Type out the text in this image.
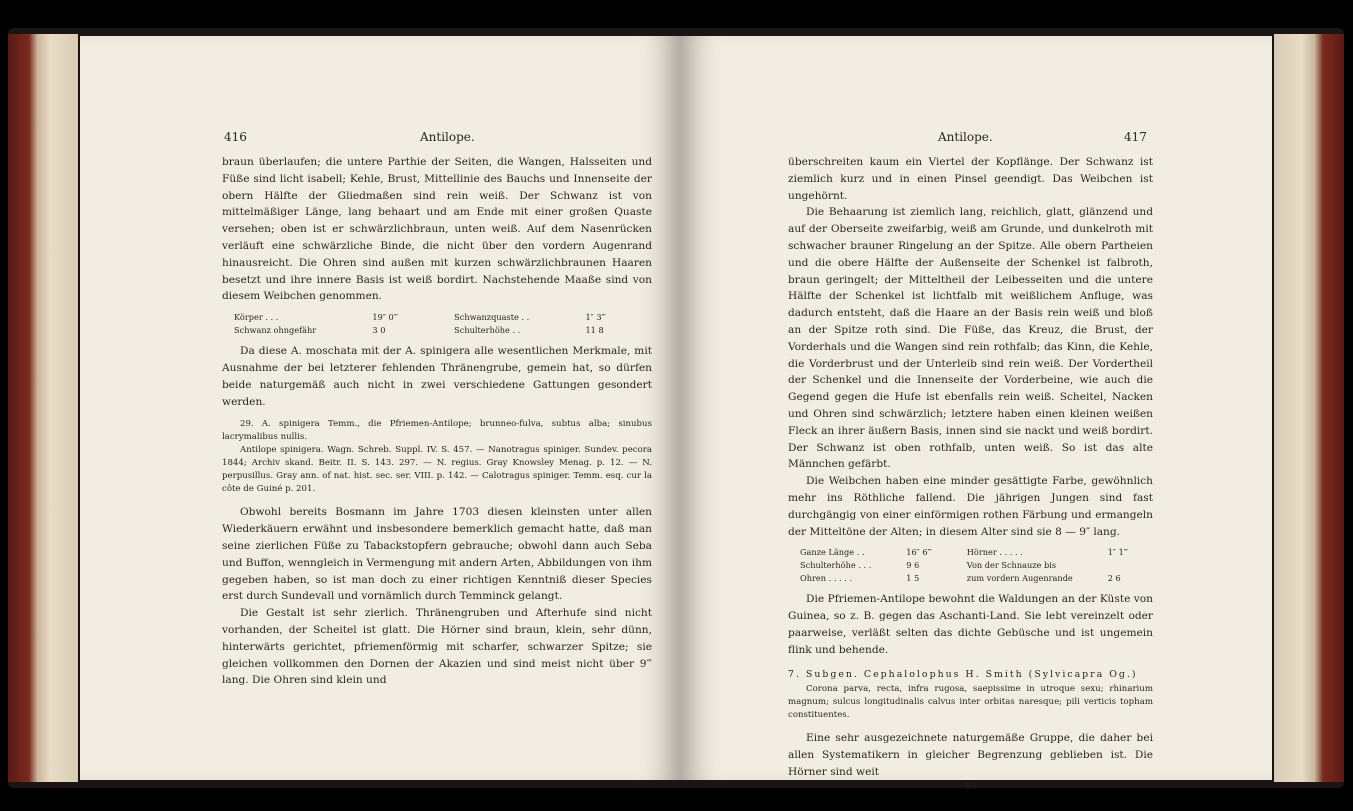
416	Antilope.

braun überlaufen; die untere Parthie der Seiten, die Wangen, Halsseiten und Füße sind licht isabell; Kehle, Brust, Mittellinie des Bauchs und Innenseite der obern Hälfte der Gliedmaßen sind rein weiß. Der Schwanz ist von mittelmäßiger Länge, lang behaart und am Ende mit einer großen Quaste versehen; oben ist er schwärzlichbraun, unten weiß. Auf dem Nasenrücken verläuft eine schwärzliche Binde, die nicht über den vordern Augenrand hinausreicht. Die Ohren sind außen mit kurzen schwärzlichbraunen Haaren besetzt und ihre innere Basis ist weiß bordirt. Nachstehende Maaße sind von diesem Weibchen genommen.

Körper . . .	19″ 0‴	Schwanzquaste . .	1″ 3‴
Schwanz ohngefähr	3 0	Schulterhöhe . .	11 8

Da diese A. moschata mit der A. spinigera alle wesentlichen Merkmale, mit Ausnahme der bei letzterer fehlenden Thränengrube, gemein hat, so dürfen beide naturgemäß auch nicht in zwei verschiedene Gattungen gesondert werden.

29. A. spinigera Temm., die Pfriemen-Antilope; brunneo-fulva, subtus alba; sinubus lacrymalibus nullis.

Antilope spinigera. Wagn. Schreb. Suppl. IV. S. 457. — Nanotragus spiniger. Sundev. pecora 1844; Archiv skand. Beitr. II. S. 143. 297. — N. regius. Gray Knowsley Menag. p. 12. — N. perpusillus. Gray ann. of nat. hist. sec. ser. VIII. p. 142. — Calotragus spiniger. Temm. esq. cur la côte de Guiné p. 201.

Obwohl bereits Bosmann im Jahre 1703 diesen kleinsten unter allen Wiederkäuern erwähnt und insbesondere bemerklich gemacht hatte, daß man seine zierlichen Füße zu Tabackstopfern gebrauche; obwohl dann auch Seba und Buffon, wenngleich in Vermengung mit andern Arten, Abbildungen von ihm gegeben haben, so ist man doch zu einer richtigen Kenntniß dieser Species erst durch Sundevall und vornämlich durch Temminck gelangt.

Die Gestalt ist sehr zierlich. Thränengruben und Afterhufe sind nicht vorhanden, der Scheitel ist glatt. Die Hörner sind braun, klein, sehr dünn, hinterwärts gerichtet, pfriemenförmig mit scharfer, schwarzer Spitze; sie gleichen vollkommen den Dornen der Akazien und sind meist nicht über 9‴ lang. Die Ohren sind klein und

Antilope.	417

überschreiten kaum ein Viertel der Kopflänge. Der Schwanz ist ziemlich kurz und in einen Pinsel geendigt. Das Weibchen ist ungehörnt.

Die Behaarung ist ziemlich lang, reichlich, glatt, glänzend und auf der Oberseite zweifarbig, weiß am Grunde, und dunkelroth mit schwacher brauner Ringelung an der Spitze. Alle obern Partheien und die obere Hälfte der Außenseite der Schenkel ist falbroth, braun geringelt; der Mitteltheil der Leibesseiten und die untere Hälfte der Schenkel ist lichtfalb mit weißlichem Anfluge, was dadurch entsteht, daß die Haare an der Basis rein weiß und bloß an der Spitze roth sind. Die Füße, das Kreuz, die Brust, der Vorderhals und die Wangen sind rein rothfalb; das Kinn, die Kehle, die Vorderbrust und der Unterleib sind rein weiß. Der Vordertheil der Schenkel und die Innenseite der Vorderbeine, wie auch die Gegend gegen die Hufe ist ebenfalls rein weiß. Scheitel, Nacken und Ohren sind schwärzlich; letztere haben einen kleinen weißen Fleck an ihrer äußern Basis, innen sind sie nackt und weiß bordirt. Der Schwanz ist oben rothfalb, unten weiß. So ist das alte Männchen gefärbt.

Die Weibchen haben eine minder gesättigte Farbe, gewöhnlich mehr ins Röthliche fallend. Die jährigen Jungen sind fast durchgängig von einer einförmigen rothen Färbung und ermangeln der Mitteltöne der Alten; in diesem Alter sind sie 8 — 9″ lang.

Ganze Länge . .	16″ 6‴	Hörner . . . . .	1″ 1‴
Schulterhöhe . . .	9 6	Von der Schnauze bis
Ohren . . . . .	1 5	zum vordern Augenrande	2 6

Die Pfriemen-Antilope bewohnt die Waldungen an der Küste von Guinea, so z. B. gegen das Aschanti-Land. Sie lebt vereinzelt oder paarweise, verläßt selten das dichte Gebüsche und ist ungemein flink und behende.

7. Subgen. Cephalolophus H. Smith (Sylvicapra Og.)

Corona parva, recta, infra rugosa, saepissime in utroque sexu; rhinarium magnum; sulcus longitudinalis calvus inter orbitas naresque; pili verticis topham constituentes.

Eine sehr ausgezeichnete naturgemäße Gruppe, die daher bei allen Systematikern in gleicher Begrenzung geblieben ist. Die Hörner sind weit

53
